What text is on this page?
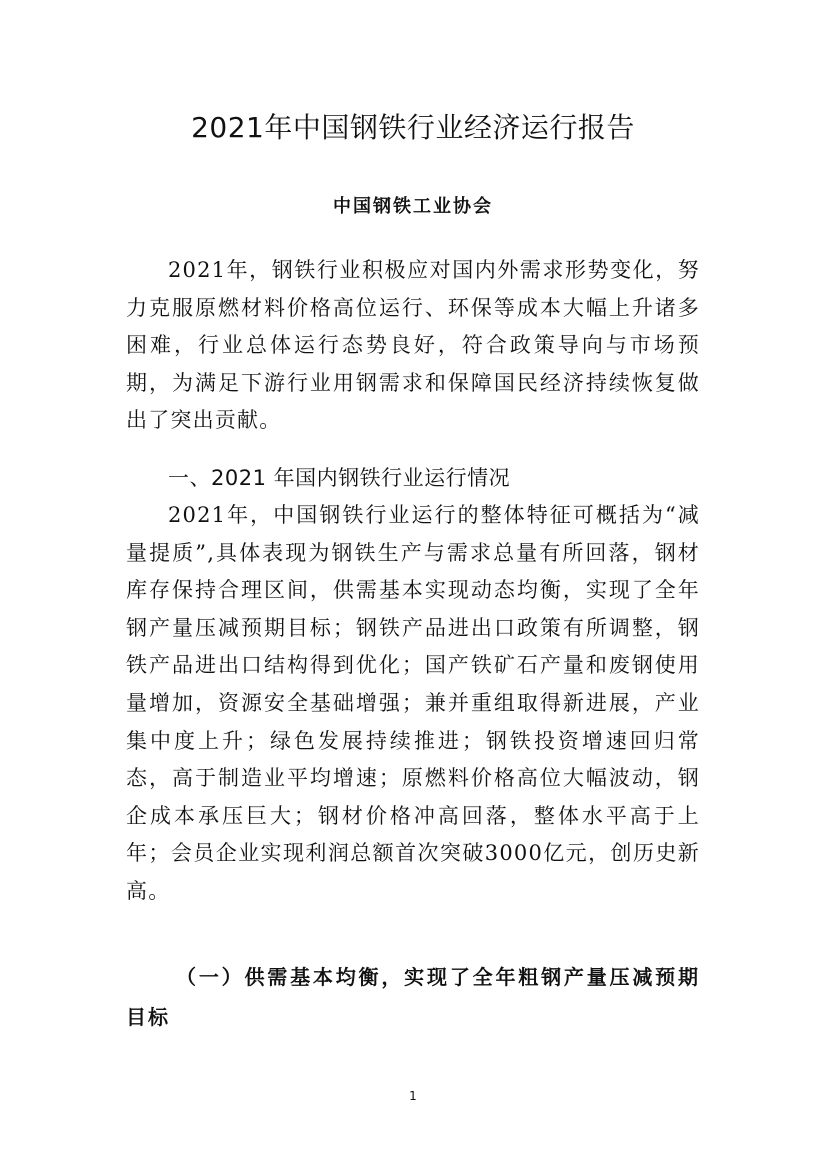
2021年中国钢铁行业经济运行报告
中国钢铁工业协会

2021年，钢铁行业积极应对国内外需求形势变化，努力克服原燃材料价格高位运行、环保等成本大幅上升诸多困难，行业总体运行态势良好，符合政策导向与市场预期，为满足下游行业用钢需求和保障国民经济持续恢复做出了突出贡献。

一、2021 年国内钢铁行业运行情况

2021年，中国钢铁行业运行的整体特征可概括为“减量提质”,具体表现为钢铁生产与需求总量有所回落，钢材库存保持合理区间，供需基本实现动态均衡，实现了全年钢产量压减预期目标；钢铁产品进出口政策有所调整，钢铁产品进出口结构得到优化；国产铁矿石产量和废钢使用量增加，资源安全基础增强；兼并重组取得新进展，产业集中度上升；绿色发展持续推进；钢铁投资增速回归常态，高于制造业平均增速；原燃料价格高位大幅波动，钢企成本承压巨大；钢材价格冲高回落，整体水平高于上年；会员企业实现利润总额首次突破3000亿元，创历史新高。

（一）供需基本均衡，实现了全年粗钢产量压减预期目标
1
